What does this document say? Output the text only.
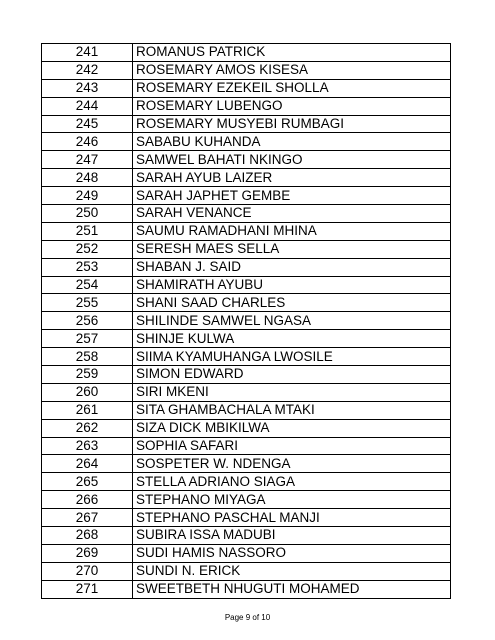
241	ROMANUS PATRICK
242	ROSEMARY AMOS KISESA
243	ROSEMARY EZEKEIL SHOLLA
244	ROSEMARY LUBENGO
245	ROSEMARY MUSYEBI RUMBAGI
246	SABABU KUHANDA
247	SAMWEL BAHATI NKINGO
248	SARAH AYUB LAIZER
249	SARAH JAPHET GEMBE
250	SARAH VENANCE
251	SAUMU RAMADHANI MHINA
252	SERESH MAES SELLA
253	SHABAN J. SAID
254	SHAMIRATH AYUBU
255	SHANI SAAD CHARLES
256	SHILINDE SAMWEL NGASA
257	SHINJE KULWA
258	SIIMA KYAMUHANGA LWOSILE
259	SIMON EDWARD
260	SIRI MKENI
261	SITA GHAMBACHALA MTAKI
262	SIZA DICK MBIKILWA
263	SOPHIA SAFARI
264	SOSPETER W. NDENGA
265	STELLA ADRIANO SIAGA
266	STEPHANO MIYAGA
267	STEPHANO PASCHAL MANJI
268	SUBIRA ISSA MADUBI
269	SUDI HAMIS NASSORO
270	SUNDI N. ERICK
271	SWEETBETH NHUGUTI MOHAMED
Page 9 of 10
